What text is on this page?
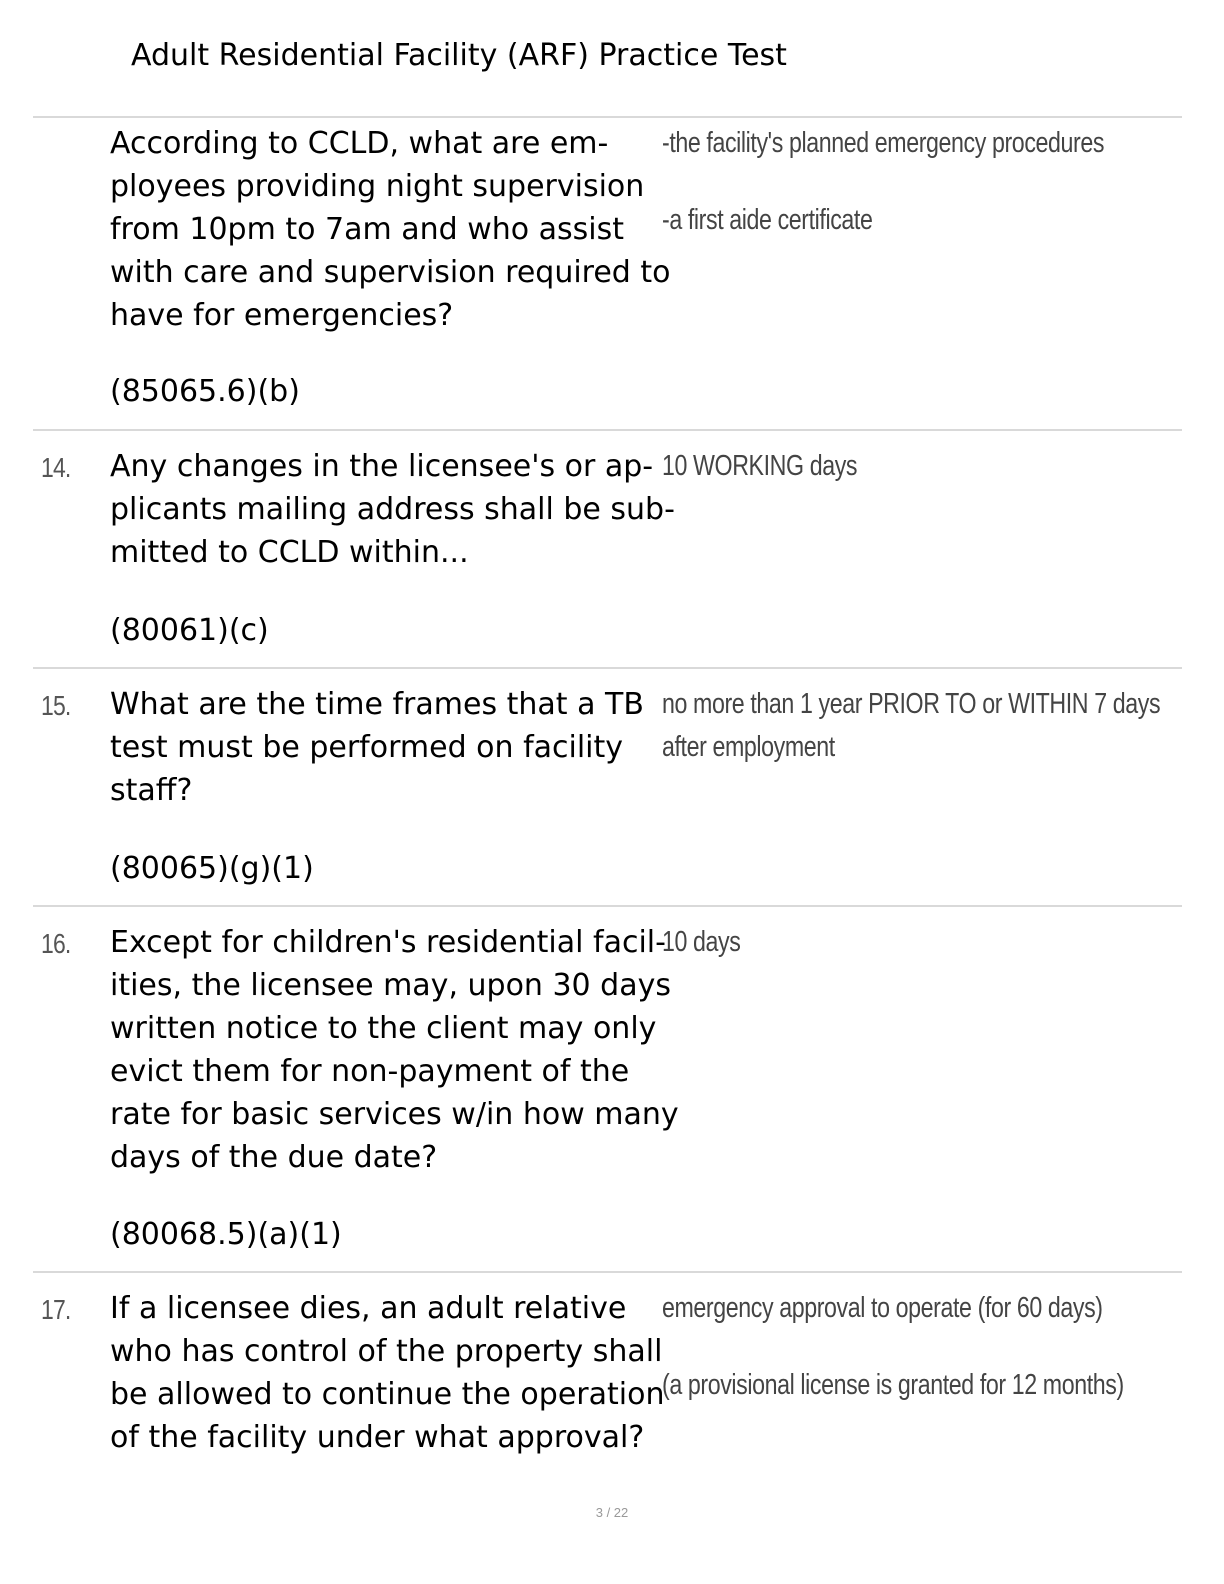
Adult Residential Facility (ARF) Practice Test
According to CCLD, what are em-
ployees providing night supervision
from 10pm to 7am and who assist
with care and supervision required to
have for emergencies?
(85065.6)(b)
-the facility's planned emergency procedures
-a first aide certificate
14. Any changes in the licensee's or ap-
plicants mailing address shall be sub-
mitted to CCLD within...
(80061)(c)
10 WORKING days
15. What are the time frames that a TB
test must be performed on facility
staff?
(80065)(g)(1)
no more than 1 year PRIOR TO or WITHIN 7 days
after employment
16. Except for children's residential facil-
ities, the licensee may, upon 30 days
written notice to the client may only
evict them for non-payment of the
rate for basic services w/in how many
days of the due date?
(80068.5)(a)(1)
10 days
17. If a licensee dies, an adult relative
who has control of the property shall
be allowed to continue the operation
of the facility under what approval?
emergency approval to operate (for 60 days)
(a provisional license is granted for 12 months)
3 / 22
